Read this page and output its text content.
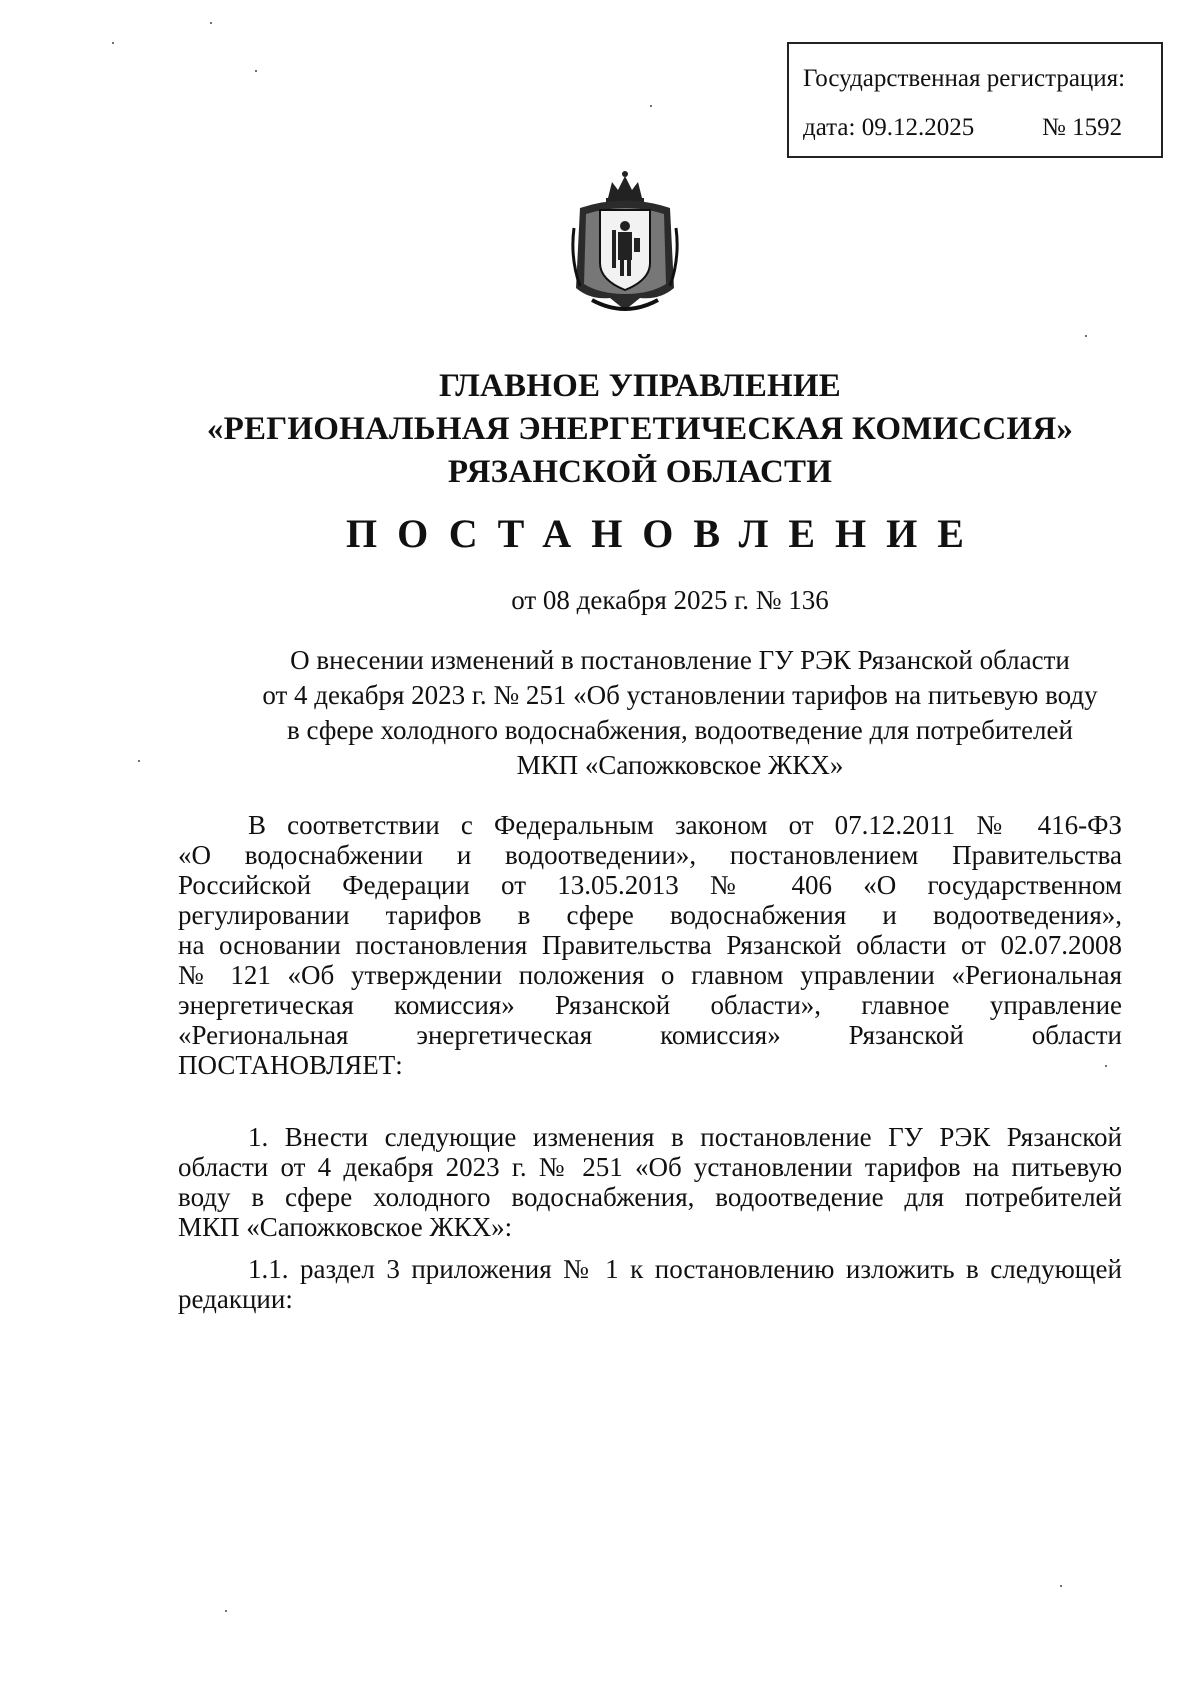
Государственная регистрация:
дата: 09.12.2025	№ 1592
ГЛАВНОЕ УПРАВЛЕНИЕ
«РЕГИОНАЛЬНАЯ ЭНЕРГЕТИЧЕСКАЯ КОМИССИЯ»
РЯЗАНСКОЙ ОБЛАСТИ
ПОСТАНОВЛЕНИЕ
от 08 декабря 2025 г. № 136
О внесении изменений в постановление ГУ РЭК Рязанской области
от 4 декабря 2023 г. № 251 «Об установлении тарифов на питьевую воду
в сфере холодного водоснабжения, водоотведение для потребителей
МКП «Сапожковское ЖКХ»
В соответствии с Федеральным законом от 07.12.2011 № 416-ФЗ
«О водоснабжении и водоотведении», постановлением Правительства
Российской Федерации от 13.05.2013 № 406 «О государственном
регулировании тарифов в сфере водоснабжения и водоотведения»,
на основании постановления Правительства Рязанской области от 02.07.2008
№ 121 «Об утверждении положения о главном управлении «Региональная
энергетическая комиссия» Рязанской области», главное управление
«Региональная энергетическая комиссия» Рязанской области
ПОСТАНОВЛЯЕТ:
1. Внести следующие изменения в постановление ГУ РЭК Рязанской
области от 4 декабря 2023 г. № 251 «Об установлении тарифов на питьевую
воду в сфере холодного водоснабжения, водоотведение для потребителей
МКП «Сапожковское ЖКХ»:
1.1. раздел 3 приложения № 1 к постановлению изложить в следующей
редакции:
